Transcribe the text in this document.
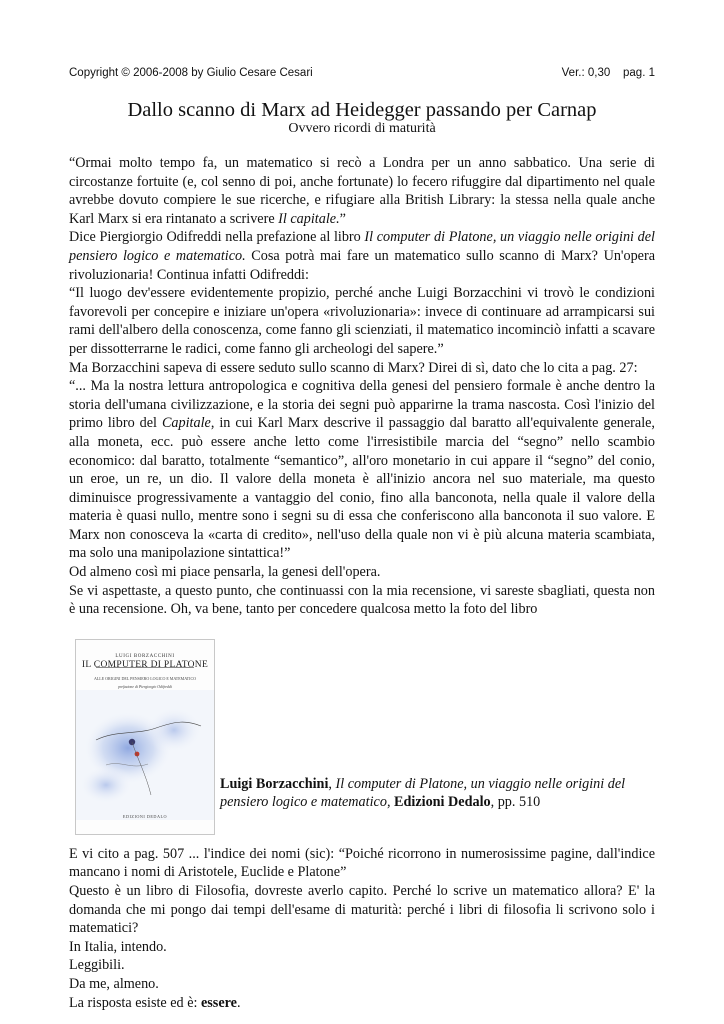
Copyright © 2006-2008 by Giulio Cesare Cesari	Ver.: 0,30    pag. 1
Dallo scanno di Marx ad Heidegger passando per Carnap
Ovvero ricordi di maturità

“Ormai molto tempo fa, un matematico si recò a Londra per un anno sabbatico. Una serie di circostanze fortuite (e, col senno di poi, anche fortunate) lo fecero rifuggire dal dipartimento nel quale avrebbe dovuto compiere le sue ricerche, e rifugiare alla British Library: la stessa nella quale anche Karl Marx si era rintanato a scrivere Il capitale.”

Dice Piergiorgio Odifreddi nella prefazione al libro Il computer di Platone, un viaggio nelle origini del pensiero logico e matematico. Cosa potrà mai fare un matematico sullo scanno di Marx? Un'opera rivoluzionaria! Continua infatti Odifreddi:

“Il luogo dev'essere evidentemente propizio, perché anche Luigi Borzacchini vi trovò le condizioni favorevoli per concepire e iniziare un'opera «rivoluzionaria»: invece di continuare ad arrampicarsi sui rami dell'albero della conoscenza, come fanno gli scienziati, il matematico incominciò infatti a scavare per dissotterrarne le radici, come fanno gli archeologi del sapere.”

Ma Borzacchini sapeva di essere seduto sullo scanno di Marx? Direi di sì, dato che lo cita a pag. 27:

“... Ma la nostra lettura antropologica e cognitiva della genesi del pensiero formale è anche dentro la storia dell'umana civilizzazione, e la storia dei segni può apparirne la trama nascosta. Così l'inizio del primo libro del Capitale, in cui Karl Marx descrive il passaggio dal baratto all'equivalente generale, alla moneta, ecc. può essere anche letto come l'irresistibile marcia del “segno” nello scambio economico: dal baratto, totalmente “semantico”, all'oro monetario in cui appare il “segno” del conio, un eroe, un re, un dio. Il valore della moneta è all'inizio ancora nel suo materiale, ma questo diminuisce progressivamente a vantaggio del conio, fino alla banconota, nella quale il valore della materia è quasi nullo, mentre sono i segni su di essa che conferiscono alla banconota il suo valore. E Marx non conosceva la «carta di credito», nell'uso della quale non vi è più alcuna materia scambiata, ma solo una manipolazione sintattica!”

Od almeno così mi piace pensarla, la genesi dell'opera.

Se vi aspettaste, a questo punto, che continuassi con la mia recensione, vi sareste sbagliati, questa non è una recensione. Oh, va bene, tanto per concedere qualcosa metto la foto del libro

LUIGI BORZACCHINI
IL COMPUTER DI PLATONE
ALLE ORIGINI DEL PENSIERO LOGICO E MATEMATICO
prefazione di Piergiorgio Odifreddi
EDIZIONI DEDALO
Luigi Borzacchini, Il computer di Platone, un viaggio nelle origini del pensiero logico e matematico, Edizioni Dedalo, pp. 510

E vi cito a pag. 507 ... l'indice dei nomi (sic): “Poiché ricorrono in numerosissime pagine, dall'indice mancano i nomi di Aristotele, Euclide e Platone”

Questo è un libro di Filosofia, dovreste averlo capito. Perché lo scrive un matematico allora? E' la domanda che mi pongo dai tempi dell'esame di maturità: perché i libri di filosofia li scrivono solo i matematici?

In Italia, intendo.

Leggibili.

Da me, almeno.

La risposta esiste ed è: essere.
